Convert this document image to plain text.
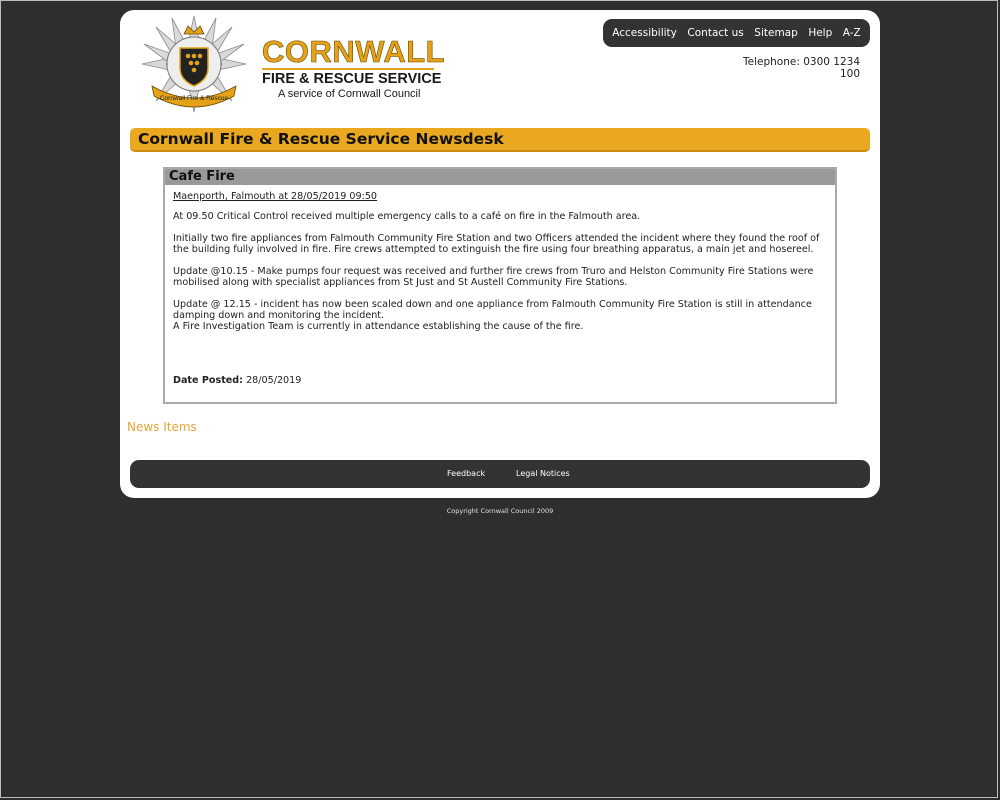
Cornwall Fire & Rescue
CORNWALL
FIRE & RESCUE SERVICE
A service of Cornwall Council
Accessibility Contact us Sitemap Help A-Z
Telephone: 0300 1234 100
Cornwall Fire & Rescue Service Newsdesk
Cafe Fire
Maenporth, Falmouth at 28/05/2019 09:50

At 09.50 Critical Control received multiple emergency calls to a café on fire in the Falmouth area.

Initially two fire appliances from Falmouth Community Fire Station and two Officers attended the incident where they found the roof of the building fully involved in fire. Fire crews attempted to extinguish the fire using four breathing apparatus, a main jet and hosereel.

Update @10.15 - Make pumps four request was received and further fire crews from Truro and Helston Community Fire Stations were mobilised along with specialist appliances from St Just and St Austell Community Fire Stations.

Update @ 12.15 - incident has now been scaled down and one appliance from Falmouth Community Fire Station is still in attendance damping down and monitoring the incident.

A Fire Investigation Team is currently in attendance establishing the cause of the fire.

Date Posted: 28/05/2019
News Items
Feedback	Legal Notices
Copyright Cornwall Council 2009
